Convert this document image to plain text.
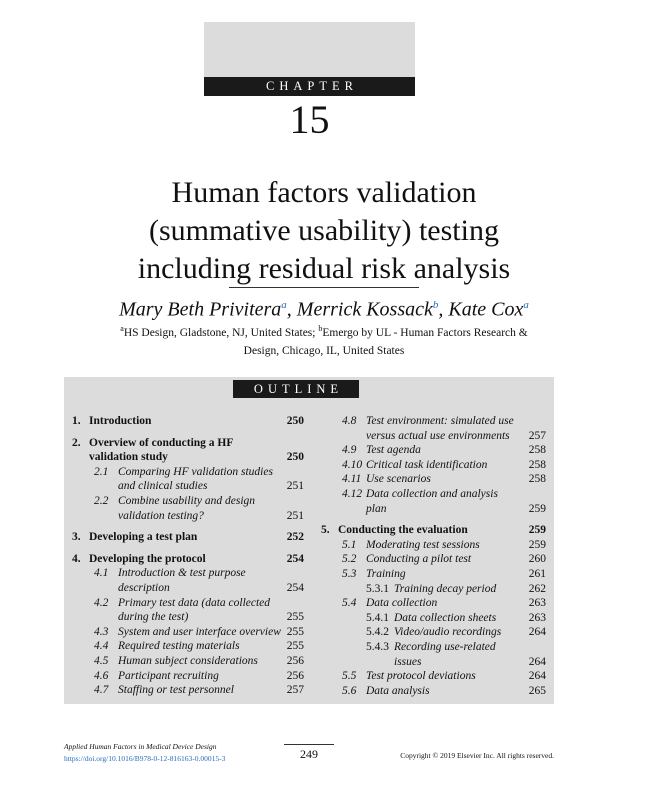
CHAPTER
15
Human factors validation
(summative usability) testing
including residual risk analysis
Mary Beth Privitera$^a$, Merrick Kossack$^b$, Kate Cox$^a$
$^a$HS Design, Gladstone, NJ, United States; $^b$Emergo by UL - Human Factors Research &
Design, Chicago, IL, United States
OUTLINE
1. Introduction	250
2. Overview of conducting a HF
validation study	250
2.1 Comparing HF validation studies
and clinical studies	251
2.2 Combine usability and design
validation testing?	251
3. Developing a test plan	252
4. Developing the protocol	254
4.1 Introduction & test purpose
description	254
4.2 Primary test data (data collected
during the test)	255
4.3 System and user interface overview 255
4.4 Required testing materials	255
4.5 Human subject considerations	256
4.6 Participant recruiting	256
4.7 Staffing or test personnel	257
4.8 Test environment: simulated use
versus actual use environments	257
4.9 Test agenda	258
4.10 Critical task identification	258
4.11 Use scenarios	258
4.12 Data collection and analysis
plan	259
5. Conducting the evaluation	259
5.1 Moderating test sessions	259
5.2 Conducting a pilot test	260
5.3 Training	261
5.3.1 Training decay period	262
5.4 Data collection	263
5.4.1 Data collection sheets	263
5.4.2 Video/audio recordings	264
5.4.3 Recording use-related
issues	264
5.5 Test protocol deviations	264
5.6 Data analysis	265
Applied Human Factors in Medical Device Design
https://doi.org/10.1016/B978-0-12-816163-0.00015-3	249	Copyright © 2019 Elsevier Inc. All rights reserved.
